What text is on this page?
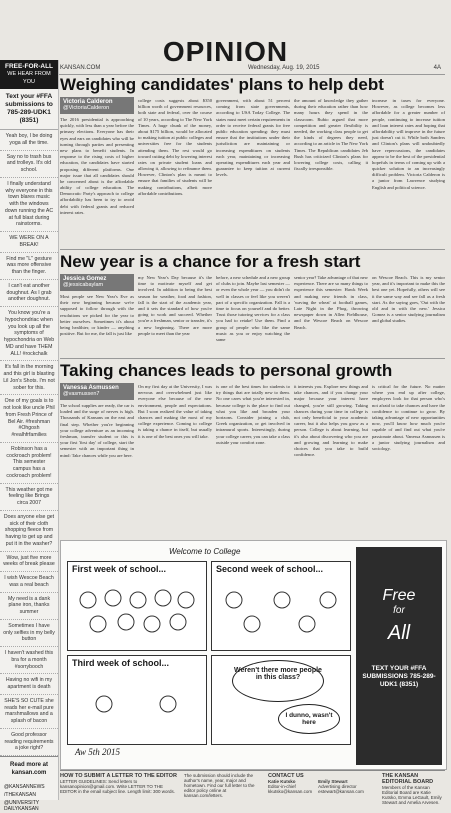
OPINION
KANSAN.COM	Wednesday, Aug. 19, 2015	4A
FREE-FOR-ALL
WE HEAR FROM YOU
Text your #FFA submissions to 785-289-UDK1 (8351)
Yeah boy, I be doing yoga all the time.
Say no to trash bus and trolleys. It's old school.
I finally understand why everyone in this town blares music with the windows down running the AC at full blast during rainstorms.
WE WERE ON A BREAK!
Find me "L" gesture was more offensive than the finger.
I can't eat another doughnut. As I grab another doughnut.
You know you're a hypochondriac when you look up all the symptoms of hypochondria on Web MD and have THEM ALL! #rockchalk
It's fall in the morning and this girl is blasting Lil Jon's Shots. I'm not sober for this.
One of my goals is to not look like uncle Phil from Fresh Prince of Bel Air. #freshman #Ohgosh #realhfrfamilies
Robinson has a cockroach problem! This semester campus has a cockroach problem!
This weather got me feeling like Brings circa 2007
Does anyone else get sick of their cloth shopping fleece from having to get up and put it in the washer?
Wow, just five more weeks of break please
I wish Wescoe Beach was a real beach
My need is a dank plane iron, thanks summer
Sometimes I have only selfies in my belly button
I haven't washed this bra for a month #sorrybooch
Having no wifi in my apartment is death
SHE'S SO CUTE she reads her e-mail pure marshmallows and a splash of bacon
Good professor reading requirements a joke right?
Read more at kansan.com
@KANSANNEWS
/THEKANSAN
@UNIVERSITY DAILYKANSAN
Weighing candidates' plans to help debt
Victoria Calderon
@VictoriaCalderon
The 2016 presidential is approaching quickly, with less than a year before the primary elections. Everyone has their eyes and ears on candidates who will be turning through parties and presenting new plans to benefit students. In response to the rising costs of higher education, the candidates have started proposing different platforms. One major issue that all candidates should be concerned about is the affordable ability of college education. The Democratic Party's approach to college affordability has been to try to avoid debt with federal grants and reduced interest rates.
college costs suggests about $350 billion worth of government resources, both state and federal, over the course of 10 years, according to The New York Times. A huge chunk of the money, about $175 billion, would be allocated to making tuition at public colleges and universities free for the students attending them. The rest would go toward cutting debt by lowering interest rates on private student loans and allowing it, allowing to refinance them. However, Clinton's plan is meant to ensure that families of students will be making contributions, albeit more affordable contributions.
government, with about 51 percent coming from state governments, according to USA Today College. The states must meet certain requirements in order to receive federal grants for free public education spending: they must ensure that the institutions under their jurisdiction are maintaining or increasing expenditures on students each year, maintaining or increasing operating expenditures each year and guarantee to keep tuition at current levels.
the amount of knowledge they gather during their education rather than how many hours they spend in the classroom. Rubio argued that more competition and greater flexibility is needed, the working class people to get the kinds of degrees they need, according to an article in The New York Times. The Republican candidates Jeb Bush has criticized Clinton's plans for lowering college costs, calling it fiscally irresponsible.
increase in taxes for everyone. However, as college becomes less affordable for a greater number of people, continuing to increase tuition and loan interest rates and hoping that affordability will improve in the future just doesn't cut it. While both Sanders and Clinton's plans will undoubtedly have repercussions, the candidates appear to be the best of the presidential hopefuls in terms of coming up with a quicker solution to an increasingly difficult problem. Victoria Calderon is a junior from Lawrence studying English and political science.
New year is a chance for a fresh start
Jessica Gomez
@jessicabaylam
Most people see New Year's Eve as their new beginning because we're supposed to follow through with the resolutions we picked for the year to better ourselves. Sometimes it's about being healthier, or kinder — anything positive. But for me, the fall is just like
my New Year's Day because it's the time to motivate myself and get involved. In addition to being the best season for weather, food and fashion, fall is the start of the academic year, and it sets the standard of how you're going to work and succeed. Whether you're a freshman, senior or transfer, it's a new beginning. There are more people to meet than the year
before, a new schedule and a new group of clubs to join. Maybe last semester — or even the whole year — you didn't do well in classes or feel like you weren't part of a specific organization. Fall is a time to focus on yourself and do better. Trust those tutoring services for a class you had to retake! Use them. Find a group of people who like the same music as you or enjoy watching the same
senior year? Take advantage of that new experience. There are so many things to experience this semester: Hawk Week and making new friends in class, 'waving the wheat' at football games, Late Night in the Phog, throwing newspaper down in Allen Fieldhouse, and the Wescoe Beach on Wescoe Beach.
on Wescoe Beach. This is my senior year, and it's important to make this the best one yet. Hopefully, others will see it the same way and see fall as a fresh start. As the saying goes, 'Out with the old and in with the new.' Jessica Gomez is a senior studying journalism and global studies.
Taking chances leads to personal growth
Vanessa Asmussen
@vasmussen7
The school supplies are ready, the car is loaded and the surge of nerves is high. Thousands of Kansans on the east and final step. Whether you're beginning your college adventure as an incoming freshman, transfer student or this is your first 'first day' of college, start the semester with an important thing in mind: Take chances while you are here.
On my first day at the University, I was nervous and overwhelmed just like everyone else because of the new environment, people and expectations. But I soon realized the value of taking chances and making the most of my college experience. Coming to college is taking a chance in itself, but usually it is one of the best ones you will take.
is one of the best times for students to try things that are totally new to them. No one cares what you're interested in, because college is the place to find out what you like and broaden your horizons. Consider joining a club, Greek organization, or get involved in intramural sports. Interestingly, during your college career, you can take a class outside your comfort zone.
it interests you. Explore new things and take chances, and if you change your major because your interest have changed, you're still growing. Taking chances during your time in college is not only beneficial to your academic career, but it also helps you grow as a person. College is about learning, but it's also about discovering who you are and growing and learning to make choices that you take to build confidence.
is critical for the future. No matter where you end up after college, employers look for that person who's not afraid to take chances and have the confidence to continue to grow. By taking advantage of new opportunities now, you'll know how much you're capable of and find out what you're passionate about. Vanessa Asmussen is a junior studying journalism and sociology.
Welcome to College
First week of school...	Second week of school...
Third week of school...
Weren't there more people in this class?
I dunno, wasn't here
Aw 5th 2015
Free
for
All
TEXT YOUR #FFA SUBMISSIONS 785-289-UDK1 (8351)
HOW TO SUBMIT A LETTER TO THE EDITOR
LETTER GUIDELINES: Send letters to kansanopinion@gmail.com. Write LETTER TO THE EDITOR in the email subject line. Length limit: 300 words.
The submission should include the author's name, year, major and hometown. Find our full letter to the editor policy online at kansan.com/letters.
CONTACT US
Katie Kutsko
Editor-in-chief
kkutsko@kansan.com
Emily Stewart
Advertising director
estewart@kansan.com
THE KANSAN EDITORIAL BOARD
Members of the Kansan Editorial Board are Katie Kutsko, Emma LeGault, Emily Stewart and Amelia Arvesen.
